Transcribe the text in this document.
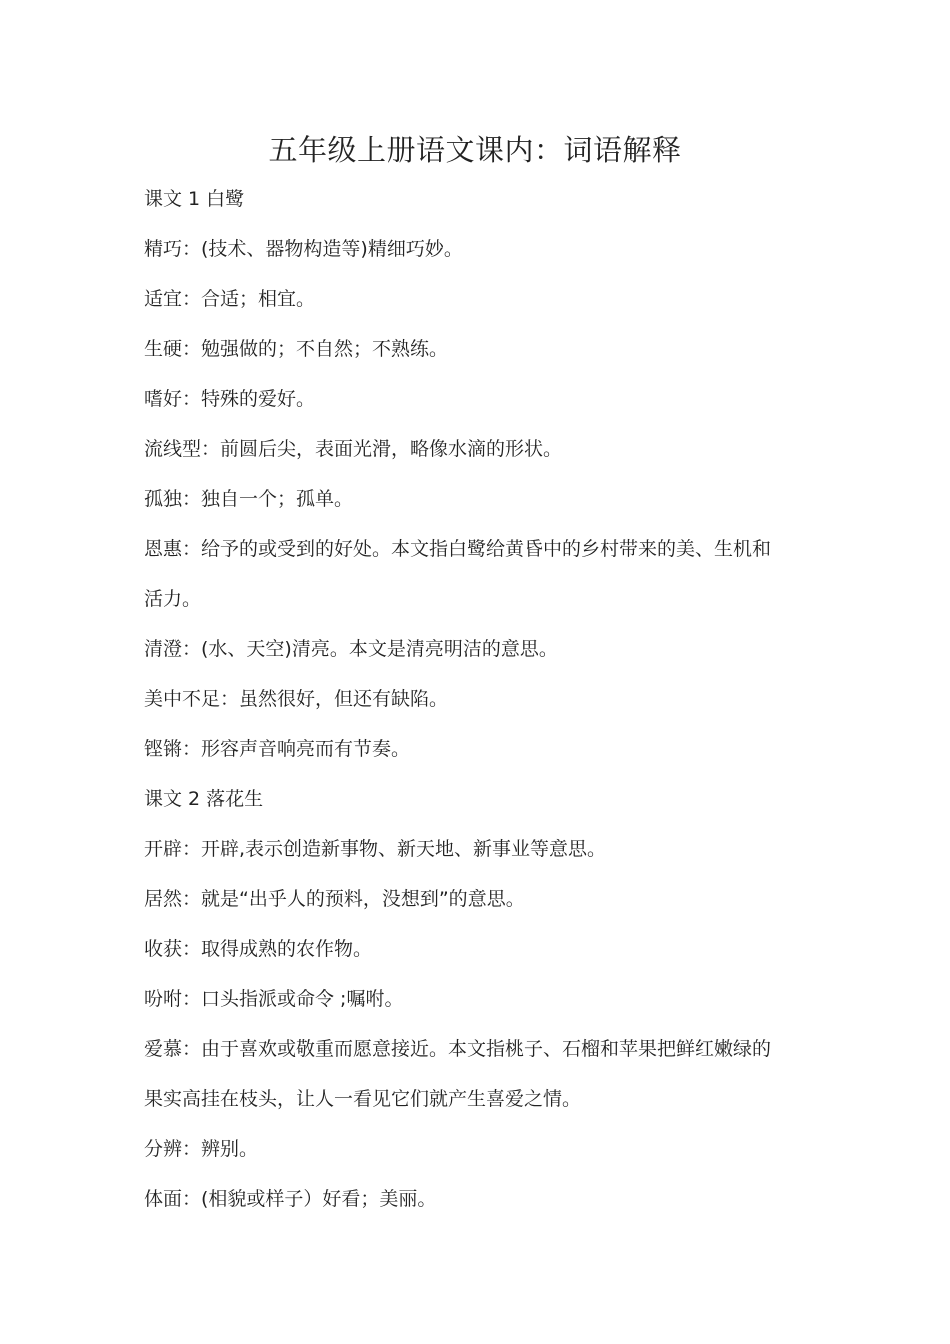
五年级上册语文课内：词语解释
课文 1 白鹭
精巧：(技术、器物构造等)精细巧妙。
适宜：合适；相宜。
生硬：勉强做的；不自然；不熟练。
嗜好：特殊的爱好。
流线型：前圆后尖，表面光滑，略像水滴的形状。
孤独：独自一个；孤单。
恩惠：给予的或受到的好处。本文指白鹭给黄昏中的乡村带来的美、生机和
活力。
清澄：(水、天空)清亮。本文是清亮明洁的意思。
美中不足：虽然很好，但还有缺陷。
铿锵：形容声音响亮而有节奏。
课文 2 落花生
开辟：开辟,表示创造新事物、新天地、新事业等意思。
居然：就是“出乎人的预料，没想到”的意思。
收获：取得成熟的农作物。
吩咐：口头指派或命令 ;嘱咐。
爱慕：由于喜欢或敬重而愿意接近。本文指桃子、石榴和苹果把鲜红嫩绿的
果实高挂在枝头，让人一看见它们就产生喜爱之情。
分辨：辨别。
体面：(相貌或样子）好看；美丽。
